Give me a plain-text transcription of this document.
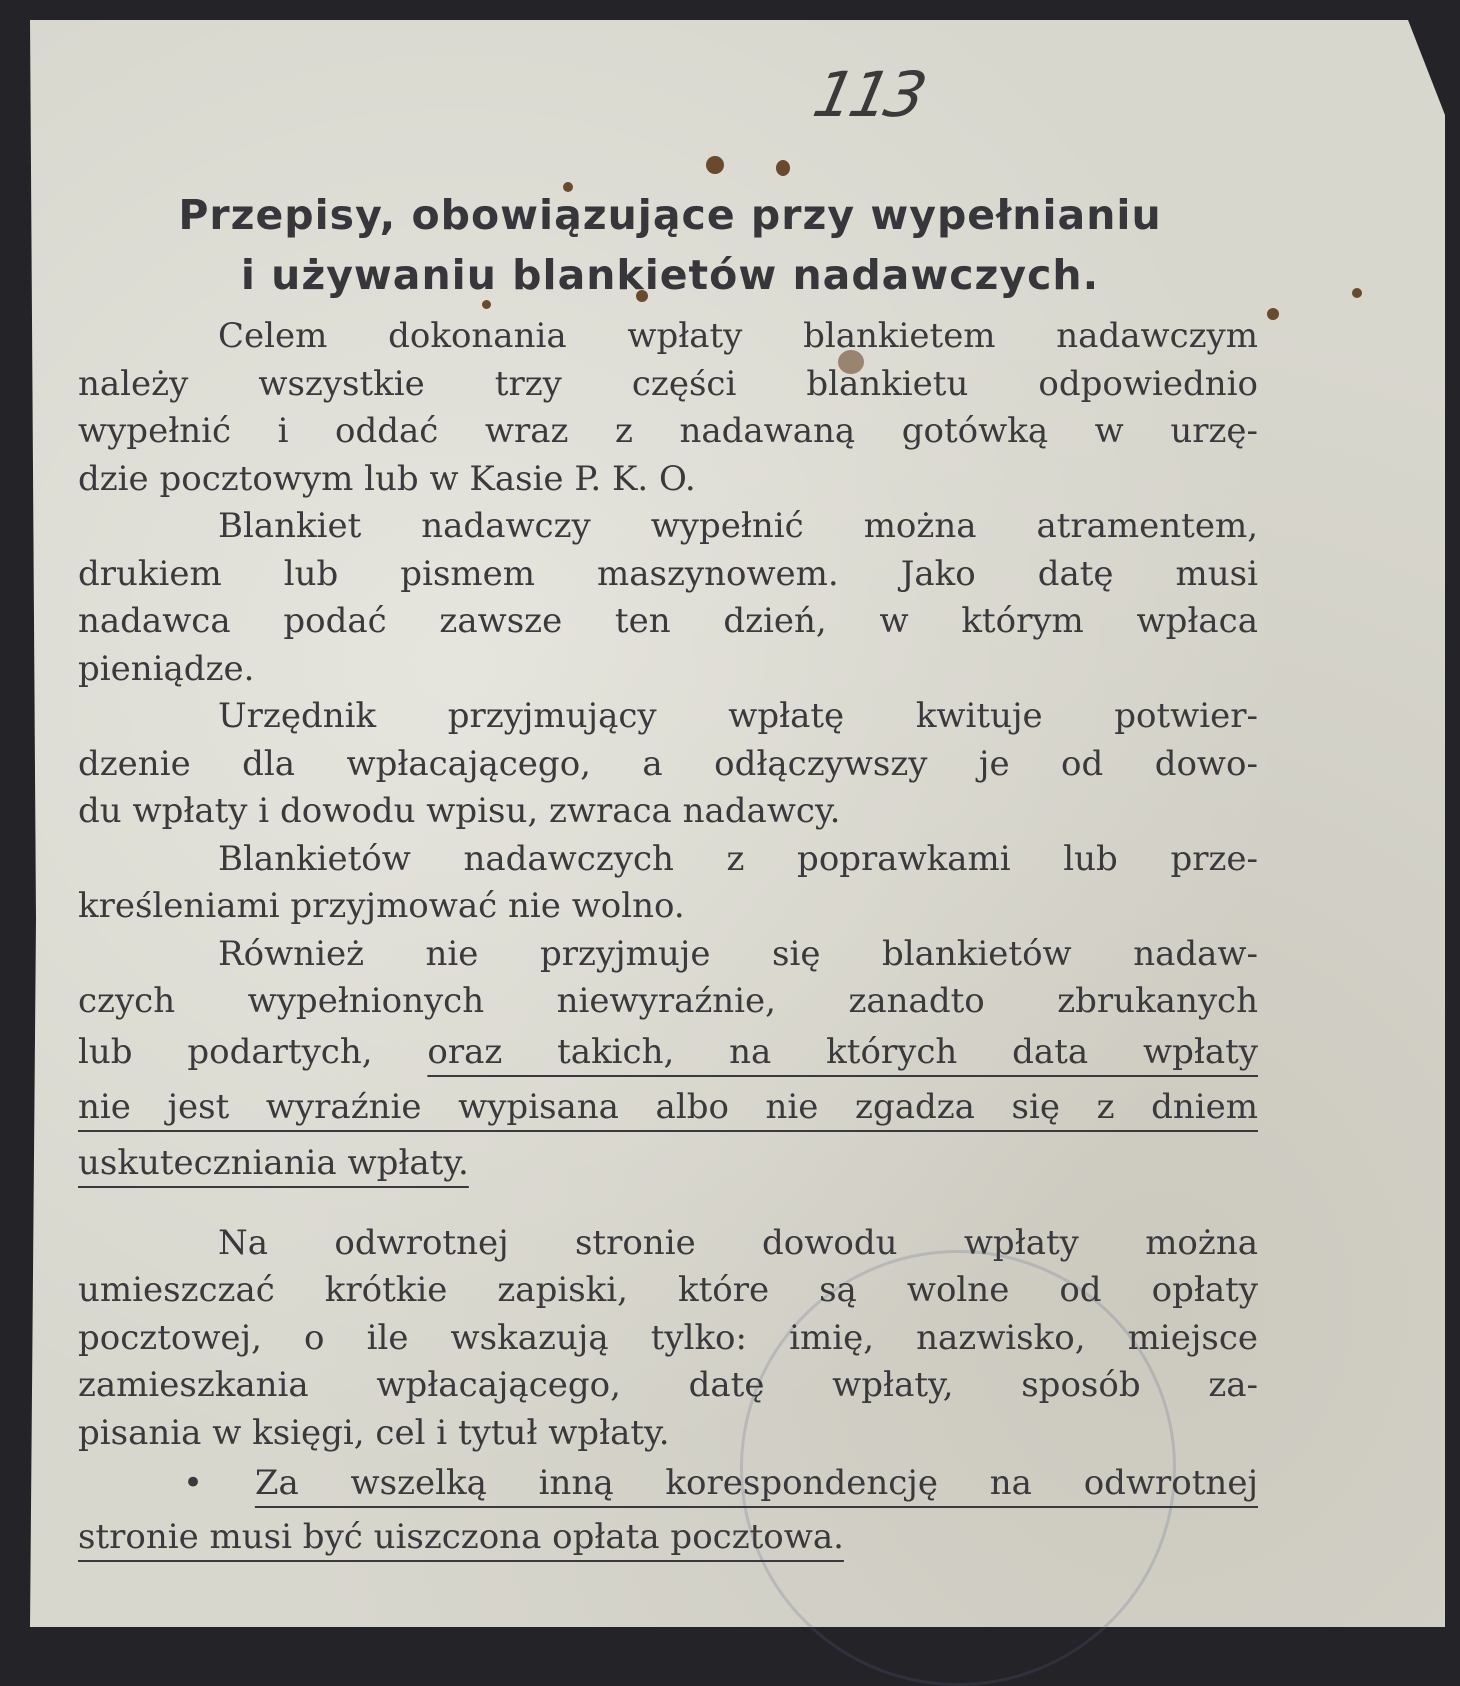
113
Przepisy, obowiązujące przy wypełnianiu
i używaniu blankietów nadawczych.
Celem dokonania wpłaty blankietem nadawczym
należy wszystkie trzy części blankietu odpowiednio
wypełnić i oddać wraz z nadawaną gotówką w urzę-
dzie pocztowym lub w Kasie P. K. O.
Blankiet nadawczy wypełnić można atramentem,
drukiem lub pismem maszynowem. Jako datę musi
nadawca podać zawsze ten dzień, w którym wpłaca
pieniądze.
Urzędnik przyjmujący wpłatę kwituje potwier-
dzenie dla wpłacającego, a odłączywszy je od dowo-
du wpłaty i dowodu wpisu, zwraca nadawcy.
Blankietów nadawczych z poprawkami lub prze-
kreśleniami przyjmować nie wolno.
Również nie przyjmuje się blankietów nadaw-
czych wypełnionych niewyraźnie, zanadto zbrukanych
lub podartych, oraz takich, na których data wpłaty
nie jest wyraźnie wypisana albo nie zgadza się z dniem
uskuteczniania wpłaty.
Na odwrotnej stronie dowodu wpłaty można
umieszczać krótkie zapiski, które są wolne od opłaty
pocztowej, o ile wskazują tylko: imię, nazwisko, miejsce
zamieszkania wpłacającego, datę wpłaty, sposób za-
pisania w księgi, cel i tytuł wpłaty.
• Za wszelką inną korespondencję na odwrotnej
stronie musi być uiszczona opłata pocztowa.
